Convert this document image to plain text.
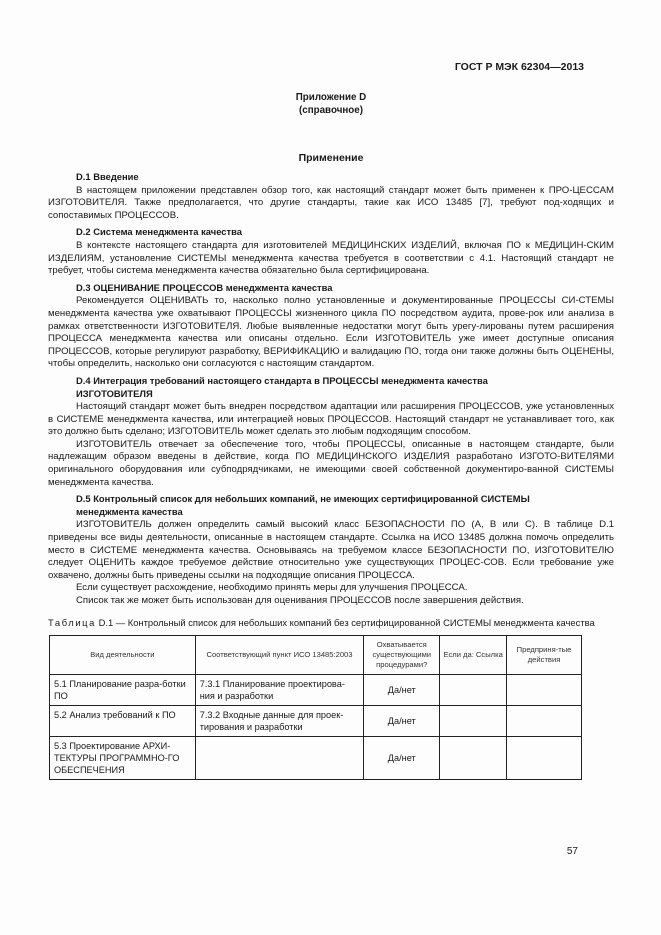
ГОСТ Р МЭК 62304—2013
Приложение D
(справочное)
Применение
D.1 Введение

В настоящем приложении представлен обзор того, как настоящий стандарт может быть применен к ПРО-ЦЕССАМ ИЗГОТОВИТЕЛЯ. Также предполагается, что другие стандарты, такие как ИСО 13485 [7], требуют под-ходящих и сопоставимых ПРОЦЕССОВ.

D.2 Система менеджмента качества

В контексте настоящего стандарта для изготовителей МЕДИЦИНСКИХ ИЗДЕЛИЙ, включая ПО к МЕДИЦИН-СКИМ ИЗДЕЛИЯМ, установление СИСТЕМЫ менеджмента качества требуется в соответствии с 4.1. Настоящий стандарт не требует, чтобы система менеджмента качества обязательно была сертифицирована.

D.3 ОЦЕНИВАНИЕ ПРОЦЕССОВ менеджмента качества

Рекомендуется ОЦЕНИВАТЬ то, насколько полно установленные и документированные ПРОЦЕССЫ СИ-СТЕМЫ менеджмента качества уже охватывают ПРОЦЕССЫ жизненного цикла ПО посредством аудита, прове-рок или анализа в рамках ответственности ИЗГОТОВИТЕЛЯ. Любые выявленные недостатки могут быть урегу-лированы путем расширения ПРОЦЕССА менеджмента качества или описаны отдельно. Если ИЗГОТОВИТЕЛЬ уже имеет доступные описания ПРОЦЕССОВ, которые регулируют разработку, ВЕРИФИКАЦИЮ и валидацию ПО, тогда они также должны быть ОЦЕНЕНЫ, чтобы определить, насколько они согласуются с настоящим стандартом.

D.4 Интеграция требований настоящего стандарта в ПРОЦЕССЫ менеджмента качества
ИЗГОТОВИТЕЛЯ

Настоящий стандарт может быть внедрен посредством адаптации или расширения ПРОЦЕССОВ, уже установленных в СИСТЕМЕ менеджмента качества, или интеграцией новых ПРОЦЕССОВ. Настоящий стандарт не устанавливает того, как это должно быть сделано; ИЗГОТОВИТЕЛЬ может сделать это любым подходящим способом.

ИЗГОТОВИТЕЛЬ отвечает за обеспечение того, чтобы ПРОЦЕССЫ, описанные в настоящем стандарте, были надлежащим образом введены в действие, когда ПО МЕДИЦИНСКОГО ИЗДЕЛИЯ разработано ИЗГОТО-ВИТЕЛЯМИ оригинального оборудования или субподрядчиками, не имеющими своей собственной документиро-ванной СИСТЕМЫ менеджмента качества.

D.5 Контрольный список для небольших компаний, не имеющих сертифицированной СИСТЕМЫ
менеджмента качества

ИЗГОТОВИТЕЛЬ должен определить самый высокий класс БЕЗОПАСНОСТИ ПО (A, B или C). В таблице D.1 приведены все виды деятельности, описанные в настоящем стандарте. Ссылка на ИСО 13485 должна помочь определить место в СИСТЕМЕ менеджмента качества. Основываясь на требуемом классе БЕЗОПАСНОСТИ ПО, ИЗГОТОВИТЕЛЮ следует ОЦЕНИТЬ каждое требуемое действие относительно уже существующих ПРОЦЕС-СОВ. Если требование уже охвачено, должны быть приведены ссылки на подходящие описания ПРОЦЕССА.

Если существует расхождение, необходимо принять меры для улучшения ПРОЦЕССА.

Список так же может быть использован для оценивания ПРОЦЕССОВ после завершения действия.

Таблица D.1 — Контрольный список для небольших компаний без сертифицированной СИСТЕМЫ менеджмента качества
Вид деятельности	Соответствующий пункт ИСО 13485:2003	Охватывается существующими процедурами?	Если да: Ссылка	Предприня-тые действия
5.1 Планирование разра-ботки ПО	7.3.1 Планирование проектирова-ния и разработки	Да/нет		
5.2 Анализ требований к ПО	7.3.2 Входные данные для проек-тирования и разработки	Да/нет		
5.3 Проектирование АРХИ-ТЕКТУРЫ ПРОГРАММНО-ГО ОБЕСПЕЧЕНИЯ		Да/нет		
57
